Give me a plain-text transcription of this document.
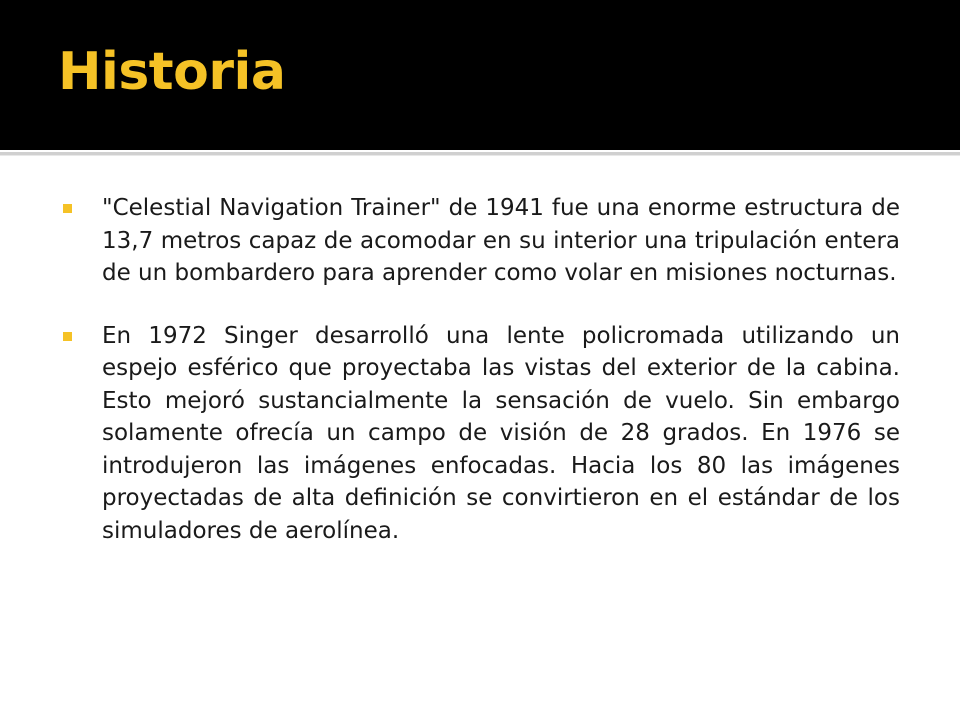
Historia
"Celestial Navigation Trainer" de 1941 fue una enorme estructura de 13,7 metros capaz de acomodar en su interior una tripulación entera de un bombardero para aprender como volar en misiones nocturnas.
En 1972 Singer desarrolló una lente policromada utilizando un espejo esférico que proyectaba las vistas del exterior de la cabina. Esto mejoró sustancialmente la sensación de vuelo. Sin embargo solamente ofrecía un campo de visión de 28 grados. En 1976 se introdujeron las imágenes enfocadas. Hacia los 80 las imágenes proyectadas de alta definición se convirtieron en el estándar de los simuladores de aerolínea.
